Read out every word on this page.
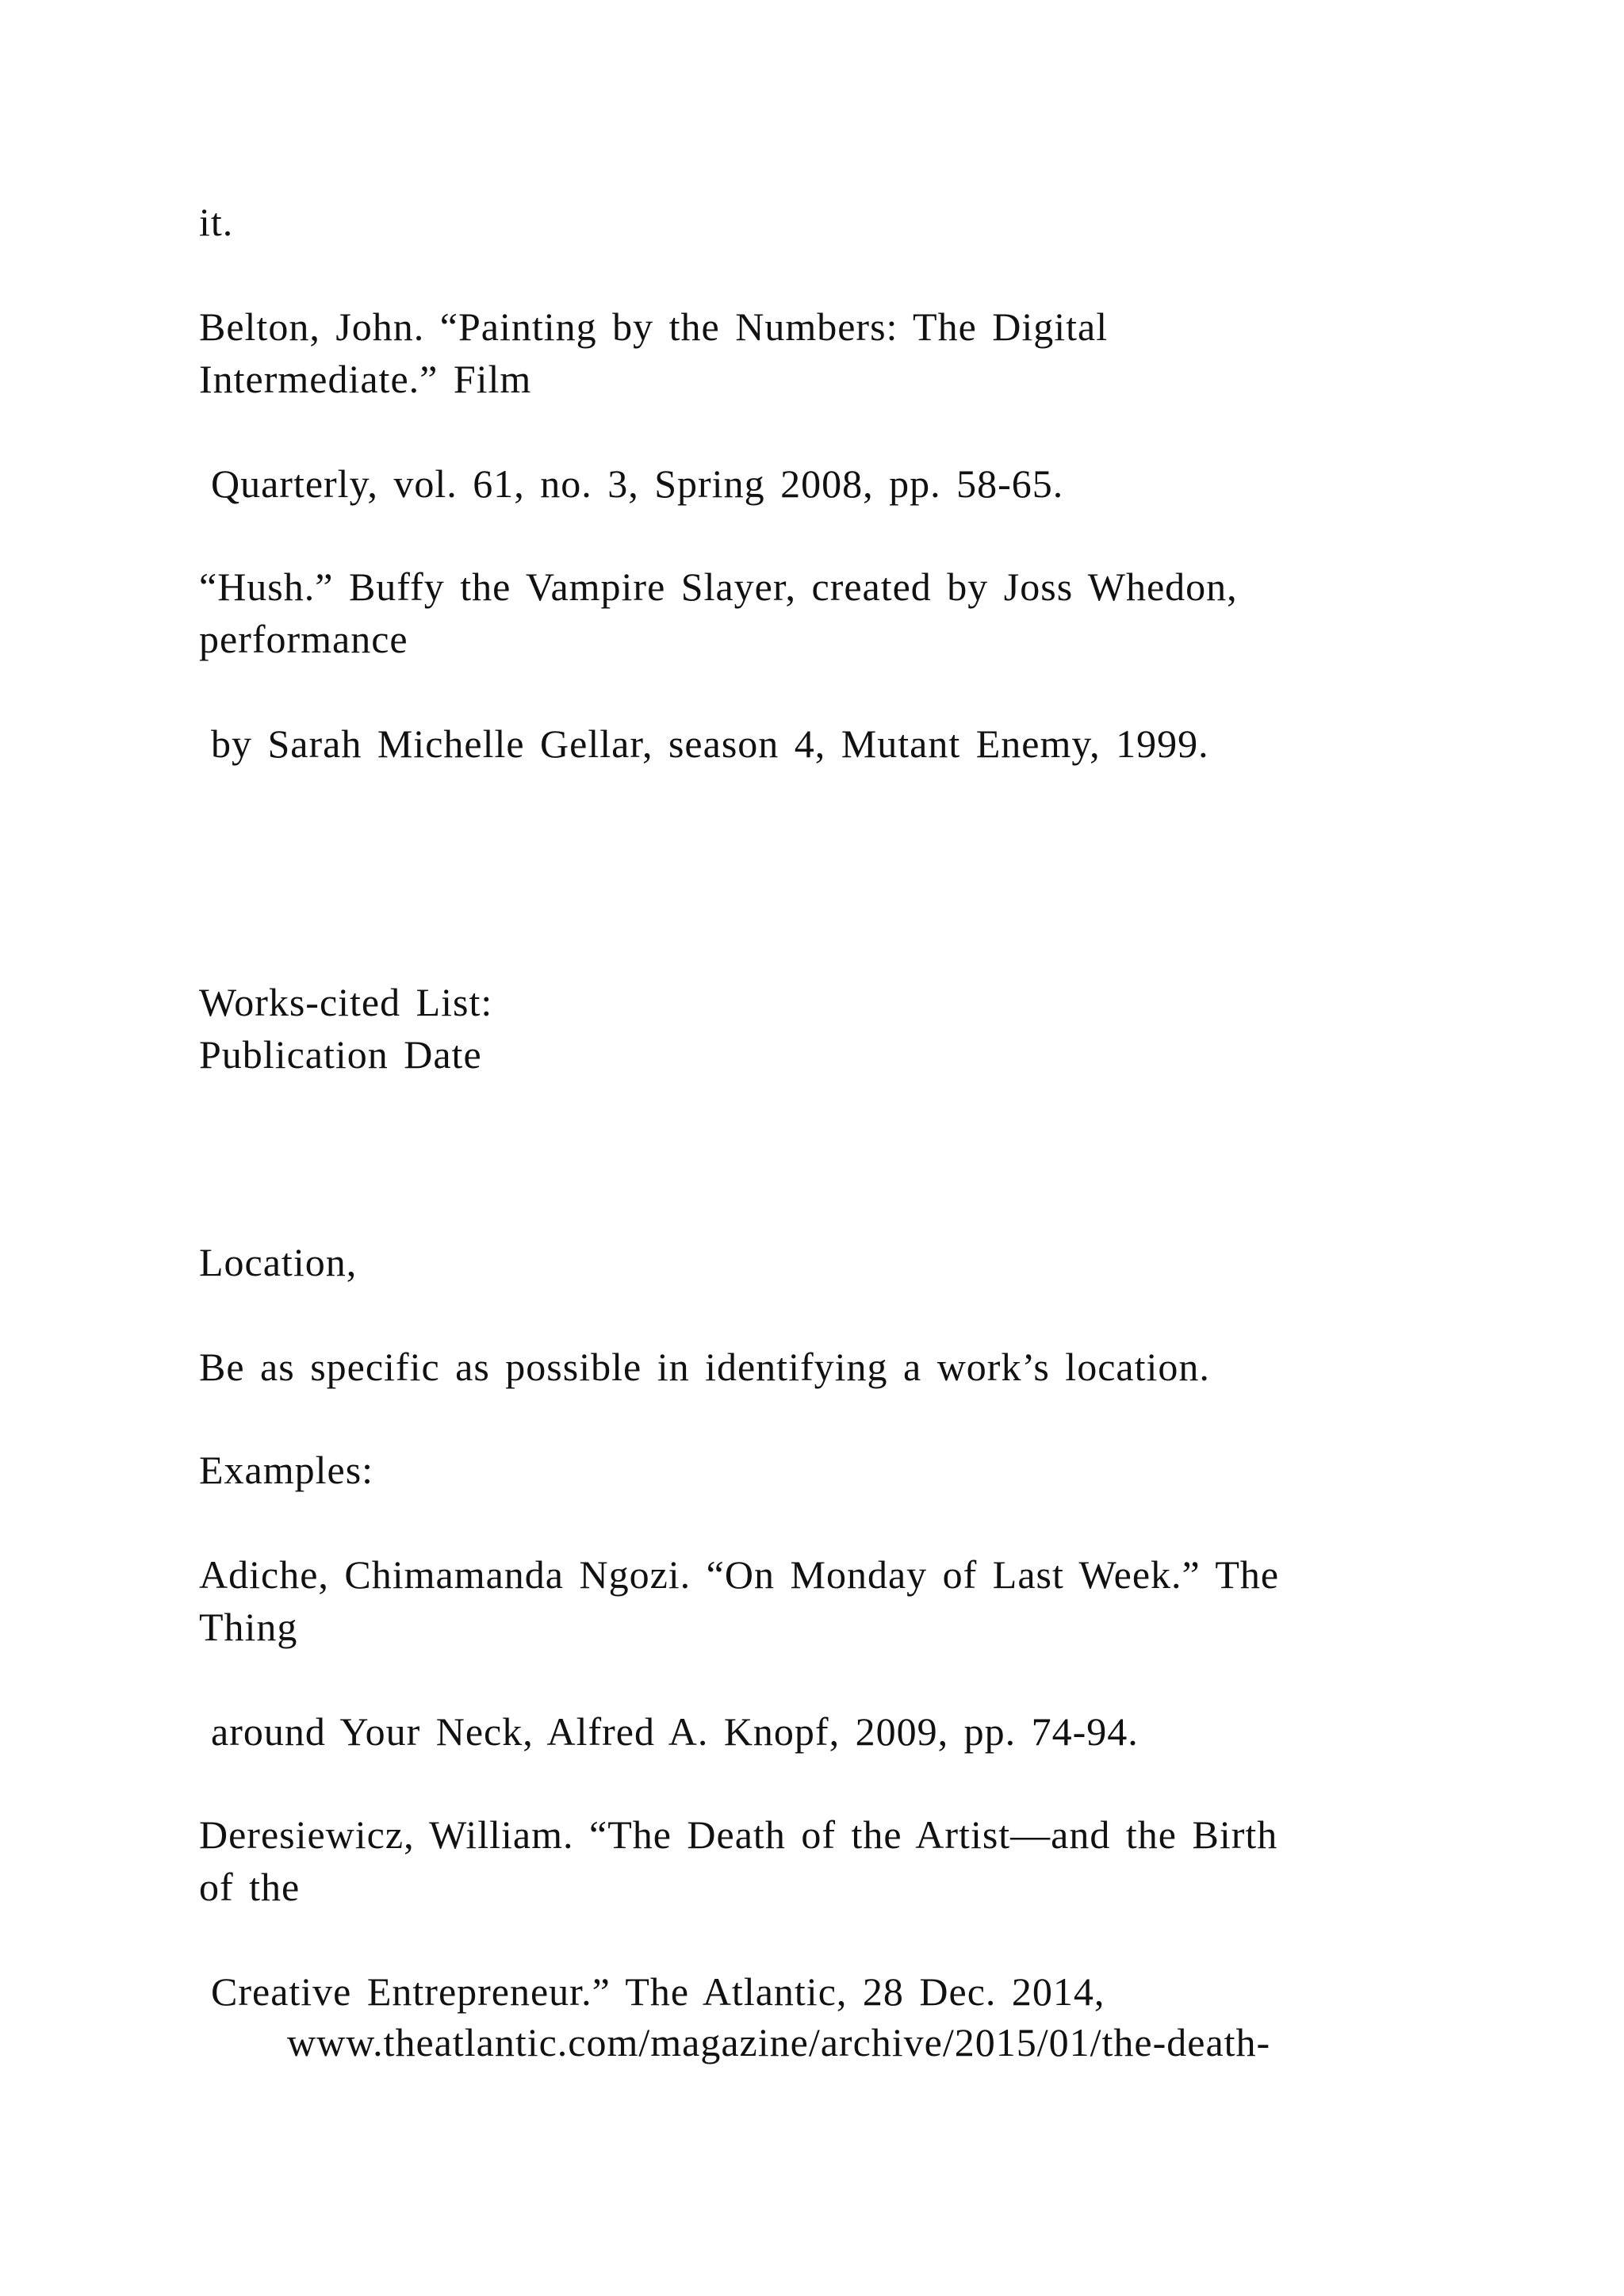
it.

Belton, John. “Painting by the Numbers: The Digital

Intermediate.” Film

Quarterly, vol. 61, no. 3, Spring 2008, pp. 58-65.

“Hush.” Buffy the Vampire Slayer, created by Joss Whedon,

performance

by Sarah Michelle Gellar, season 4, Mutant Enemy, 1999.

Works-cited List:

Publication Date

Location,

Be as specific as possible in identifying a work’s location.

Examples:

Adiche, Chimamanda Ngozi. “On Monday of Last Week.” The

Thing

around Your Neck, Alfred A. Knopf, 2009, pp. 74-94.

Deresiewicz, William. “The Death of the Artist—and the Birth

of the

Creative Entrepreneur.” The Atlantic, 28 Dec. 2014,

www.theatlantic.com/magazine/archive/2015/01/the-death-
